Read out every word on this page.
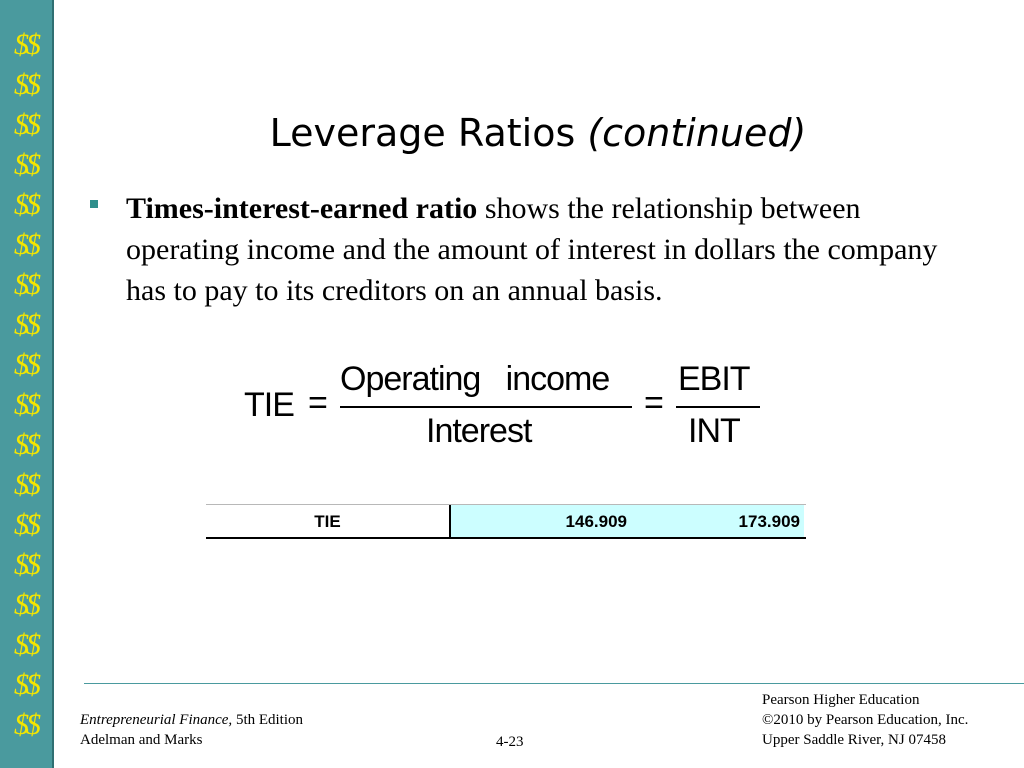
$$
$$
$$
$$
$$
$$
$$
$$
$$
$$
$$
$$
$$
$$
$$
$$
$$
$$
Leverage Ratios (continued)
Times-interest-earned ratio shows the relationship between operating income and the amount of interest in dollars the company has to pay to its creditors on an annual basis.
TIE =
Operating   income
Interest
=
EBIT
INT
TIE	146.909	173.909
Entrepreneurial Finance, 5th Edition
Adelman and Marks	4-23
Pearson Higher Education
©2010 by Pearson Education, Inc.
Upper Saddle River, NJ 07458
